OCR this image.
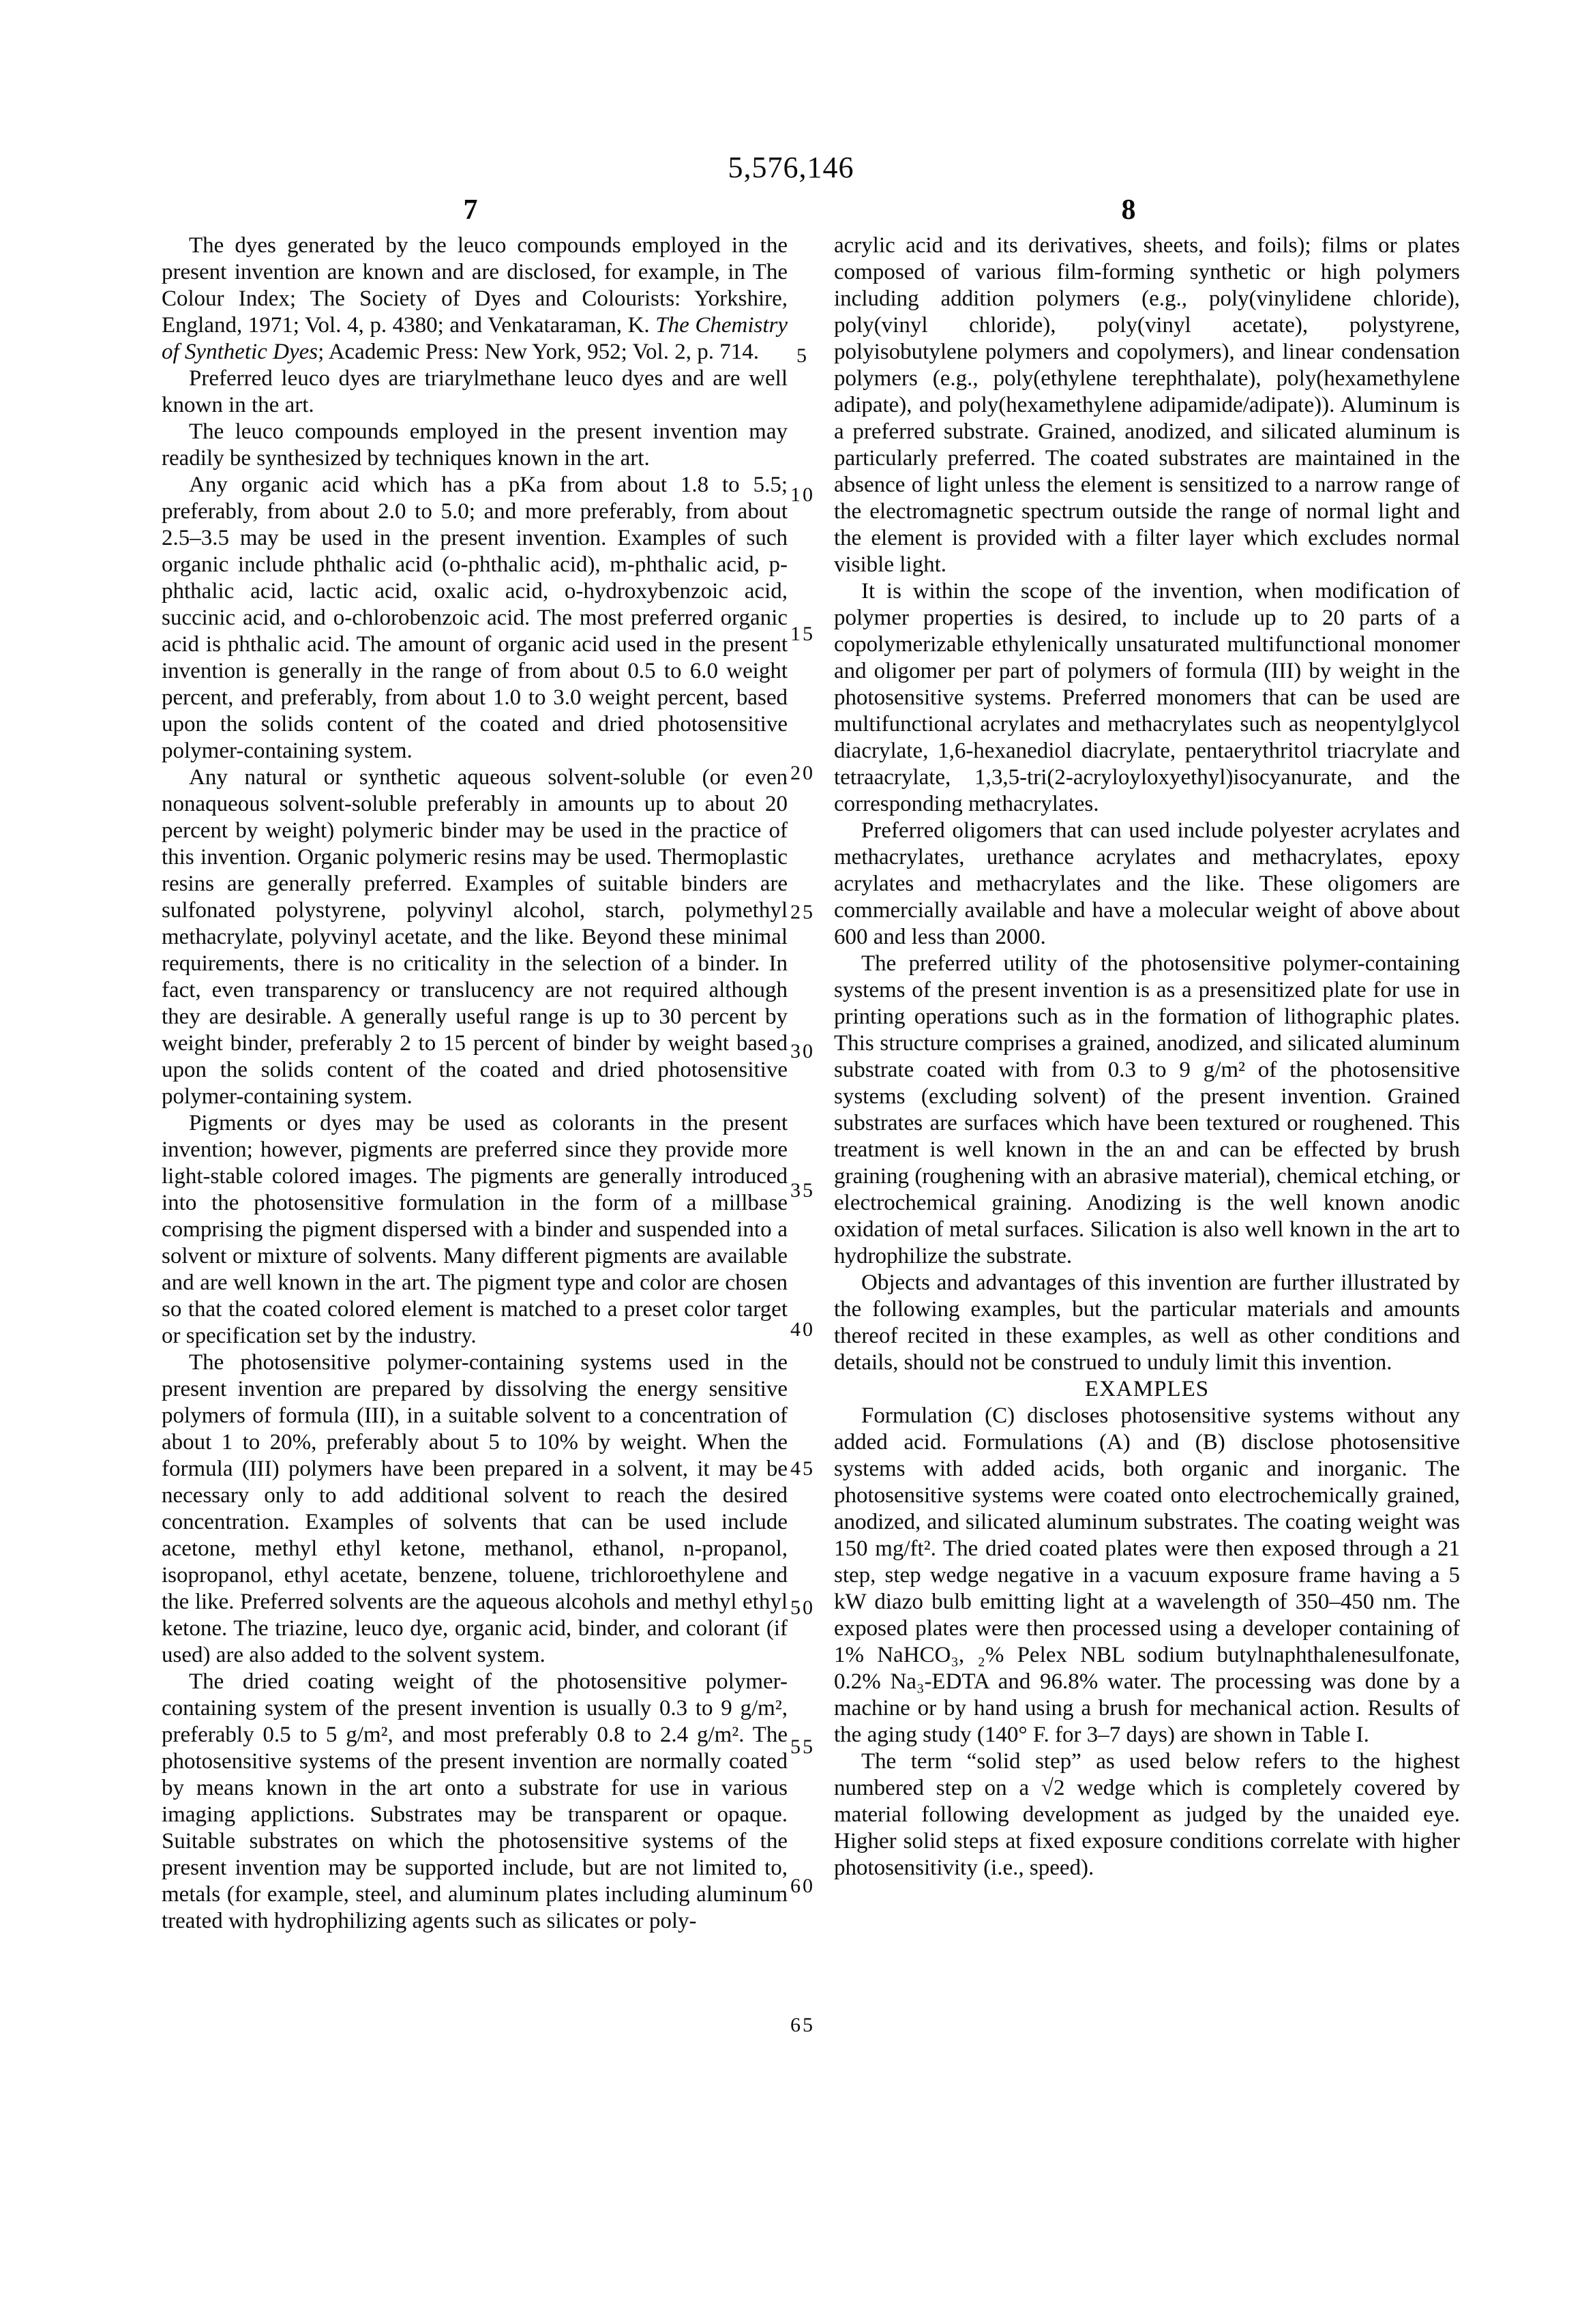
5,576,146
7	8
5
10
15
20
25
30
35
40
45
50
55
60
65

The dyes generated by the leuco compounds employed in the present invention are known and are disclosed, for example, in The Colour Index; The Society of Dyes and Colourists: Yorkshire, England, 1971; Vol. 4, p. 4380; and Venkataraman, K. The Chemistry of Synthetic Dyes; Academic Press: New York, 952; Vol. 2, p. 714.

Preferred leuco dyes are triarylmethane leuco dyes and are well known in the art.

The leuco compounds employed in the present invention may readily be synthesized by techniques known in the art.

Any organic acid which has a pKa from about 1.8 to 5.5; preferably, from about 2.0 to 5.0; and more preferably, from about 2.5–3.5 may be used in the present invention. Examples of such organic include phthalic acid (o-phthalic acid), m-phthalic acid, p-phthalic acid, lactic acid, oxalic acid, o-hydroxybenzoic acid, succinic acid, and o-chlorobenzoic acid. The most preferred organic acid is phthalic acid. The amount of organic acid used in the present invention is generally in the range of from about 0.5 to 6.0 weight percent, and preferably, from about 1.0 to 3.0 weight percent, based upon the solids content of the coated and dried photosensitive polymer-containing system.

Any natural or synthetic aqueous solvent-soluble (or even nonaqueous solvent-soluble preferably in amounts up to about 20 percent by weight) polymeric binder may be used in the practice of this invention. Organic polymeric resins may be used. Thermoplastic resins are generally preferred. Examples of suitable binders are sulfonated polystyrene, polyvinyl alcohol, starch, polymethyl methacrylate, polyvinyl acetate, and the like. Beyond these minimal requirements, there is no criticality in the selection of a binder. In fact, even transparency or translucency are not required although they are desirable. A generally useful range is up to 30 percent by weight binder, preferably 2 to 15 percent of binder by weight based upon the solids content of the coated and dried photosensitive polymer-containing system.

Pigments or dyes may be used as colorants in the present invention; however, pigments are preferred since they provide more light-stable colored images. The pigments are generally introduced into the photosensitive formulation in the form of a millbase comprising the pigment dispersed with a binder and suspended into a solvent or mixture of solvents. Many different pigments are available and are well known in the art. The pigment type and color are chosen so that the coated colored element is matched to a preset color target or specification set by the industry.

The photosensitive polymer-containing systems used in the present invention are prepared by dissolving the energy sensitive polymers of formula (III), in a suitable solvent to a concentration of about 1 to 20%, preferably about 5 to 10% by weight. When the formula (III) polymers have been prepared in a solvent, it may be necessary only to add additional solvent to reach the desired concentration. Examples of solvents that can be used include acetone, methyl ethyl ketone, methanol, ethanol, n-propanol, isopropanol, ethyl acetate, benzene, toluene, trichloroethylene and the like. Preferred solvents are the aqueous alcohols and methyl ethyl ketone. The triazine, leuco dye, organic acid, binder, and colorant (if used) are also added to the solvent system.

The dried coating weight of the photosensitive polymer-containing system of the present invention is usually 0.3 to 9 g/m², preferably 0.5 to 5 g/m², and most preferably 0.8 to 2.4 g/m². The photosensitive systems of the present invention are normally coated by means known in the art onto a substrate for use in various imaging applictions. Substrates may be transparent or opaque. Suitable substrates on which the photosensitive systems of the present invention may be supported include, but are not limited to, metals (for example, steel, and aluminum plates including aluminum treated with hydrophilizing agents such as silicates or poly-

acrylic acid and its derivatives, sheets, and foils); films or plates composed of various film-forming synthetic or high polymers including addition polymers (e.g., poly(vinylidene chloride), poly(vinyl chloride), poly(vinyl acetate), polystyrene, polyisobutylene polymers and copolymers), and linear condensation polymers (e.g., poly(ethylene terephthalate), poly(hexamethylene adipate), and poly(hexamethylene adipamide/adipate)). Aluminum is a preferred substrate. Grained, anodized, and silicated aluminum is particularly preferred. The coated substrates are maintained in the absence of light unless the element is sensitized to a narrow range of the electromagnetic spectrum outside the range of normal light and the element is provided with a filter layer which excludes normal visible light.

It is within the scope of the invention, when modification of polymer properties is desired, to include up to 20 parts of a copolymerizable ethylenically unsaturated multifunctional monomer and oligomer per part of polymers of formula (III) by weight in the photosensitive systems. Preferred monomers that can be used are multifunctional acrylates and methacrylates such as neopentylglycol diacrylate, 1,6-hexanediol diacrylate, pentaerythritol triacrylate and tetraacrylate, 1,3,5-tri(2-acryloyloxyethyl)isocyanurate, and the corresponding methacrylates.

Preferred oligomers that can used include polyester acrylates and methacrylates, urethance acrylates and methacrylates, epoxy acrylates and methacrylates and the like. These oligomers are commercially available and have a molecular weight of above about 600 and less than 2000.

The preferred utility of the photosensitive polymer-containing systems of the present invention is as a presensitized plate for use in printing operations such as in the formation of lithographic plates. This structure comprises a grained, anodized, and silicated aluminum substrate coated with from 0.3 to 9 g/m² of the photosensitive systems (excluding solvent) of the present invention. Grained substrates are surfaces which have been textured or roughened. This treatment is well known in the an and can be effected by brush graining (roughening with an abrasive material), chemical etching, or electrochemical graining. Anodizing is the well known anodic oxidation of metal surfaces. Silication is also well known in the art to hydrophilize the substrate.

Objects and advantages of this invention are further illustrated by the following examples, but the particular materials and amounts thereof recited in these examples, as well as other conditions and details, should not be construed to unduly limit this invention.

EXAMPLES

Formulation (C) discloses photosensitive systems without any added acid. Formulations (A) and (B) disclose photosensitive systems with added acids, both organic and inorganic. The photosensitive systems were coated onto electrochemically grained, anodized, and silicated aluminum substrates. The coating weight was 150 mg/ft². The dried coated plates were then exposed through a 21 step, step wedge negative in a vacuum exposure frame having a 5 kW diazo bulb emitting light at a wavelength of 350–450 nm. The exposed plates were then processed using a developer containing of 1% NaHCO₃, ₂% Pelex NBL sodium butylnaphthalenesulfonate, 0.2% Na₃-EDTA and 96.8% water. The processing was done by a machine or by hand using a brush for mechanical action. Results of the aging study (140° F. for 3–7 days) are shown in Table I.

The term “solid step” as used below refers to the highest numbered step on a √2 wedge which is completely covered by material following development as judged by the unaided eye. Higher solid steps at fixed exposure conditions correlate with higher photosensitivity (i.e., speed).
